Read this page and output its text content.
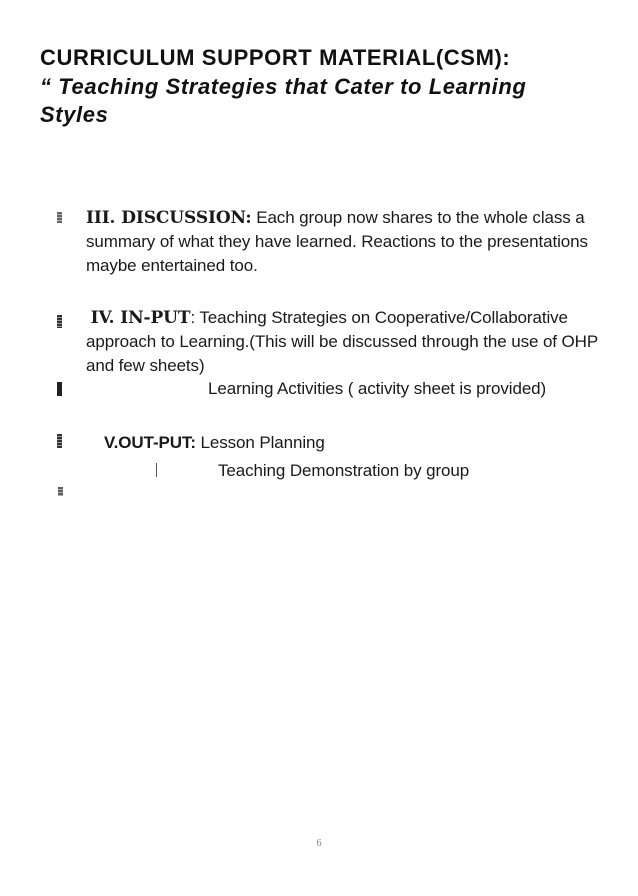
CURRICULUM SUPPORT MATERIAL(CSM):
“ Teaching Strategies that Cater to Learning Styles

III. DISCUSSION: Each group now shares to the whole class a summary of what they have learned. Reactions to the presentations maybe entertained too.

IV. IN-PUT: Teaching Strategies on Cooperative/Collaborative approach to Learning.(This will be discussed through the use of OHP and few sheets)

Learning Activities ( activity sheet is provided)

V.OUT-PUT: Lesson Planning

Teaching Demonstration by group

6
